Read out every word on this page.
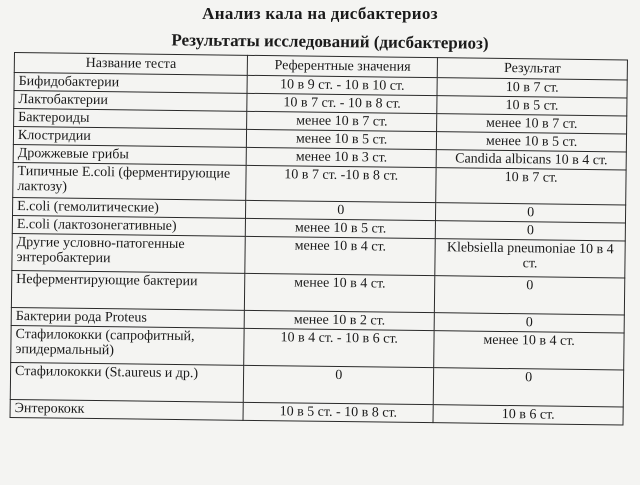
Анализ кала на дисбактериоз
Результаты исследований (дисбактериоз)
Название теста	Референтные значения	Результат
Бифидобактерии	10 в 9 ст. - 10 в 10 ст.	10 в 7 ст.
Лактобактерии	10 в 7 ст. - 10 в 8 ст.	10 в 5 ст.
Бактероиды	менее 10 в 7 ст.	менее 10 в 7 ст.
Клостридии	менее 10 в 5 ст.	менее 10 в 5 ст.
Дрожжевые грибы	менее 10 в 3 ст.	Candida albicans 10 в 4 ст.
Типичные E.coli (ферментирующие лактозу)	10 в 7 ст. -10 в 8 ст.	10 в 7 ст.
E.coli (гемолитические)	0	0
E.coli (лактозонегативные)	менее 10 в 5 ст.	0
Другие условно-патогенные энтеробактерии	менее 10 в 4 ст.	Klebsiella pneumoniae 10 в 4 ст.
Неферментирующие бактерии	менее 10 в 4 ст.	0
Бактерии рода Proteus	менее 10 в 2 ст.	0
Стафилококки (сапрофитный, эпидермальный)	10 в 4 ст. - 10 в 6 ст.	менее 10 в 4 ст.
Стафилококки (St.aureus и др.)	0	0
Энтерококк	10 в 5 ст. - 10 в 8 ст.	10 в 6 ст.
